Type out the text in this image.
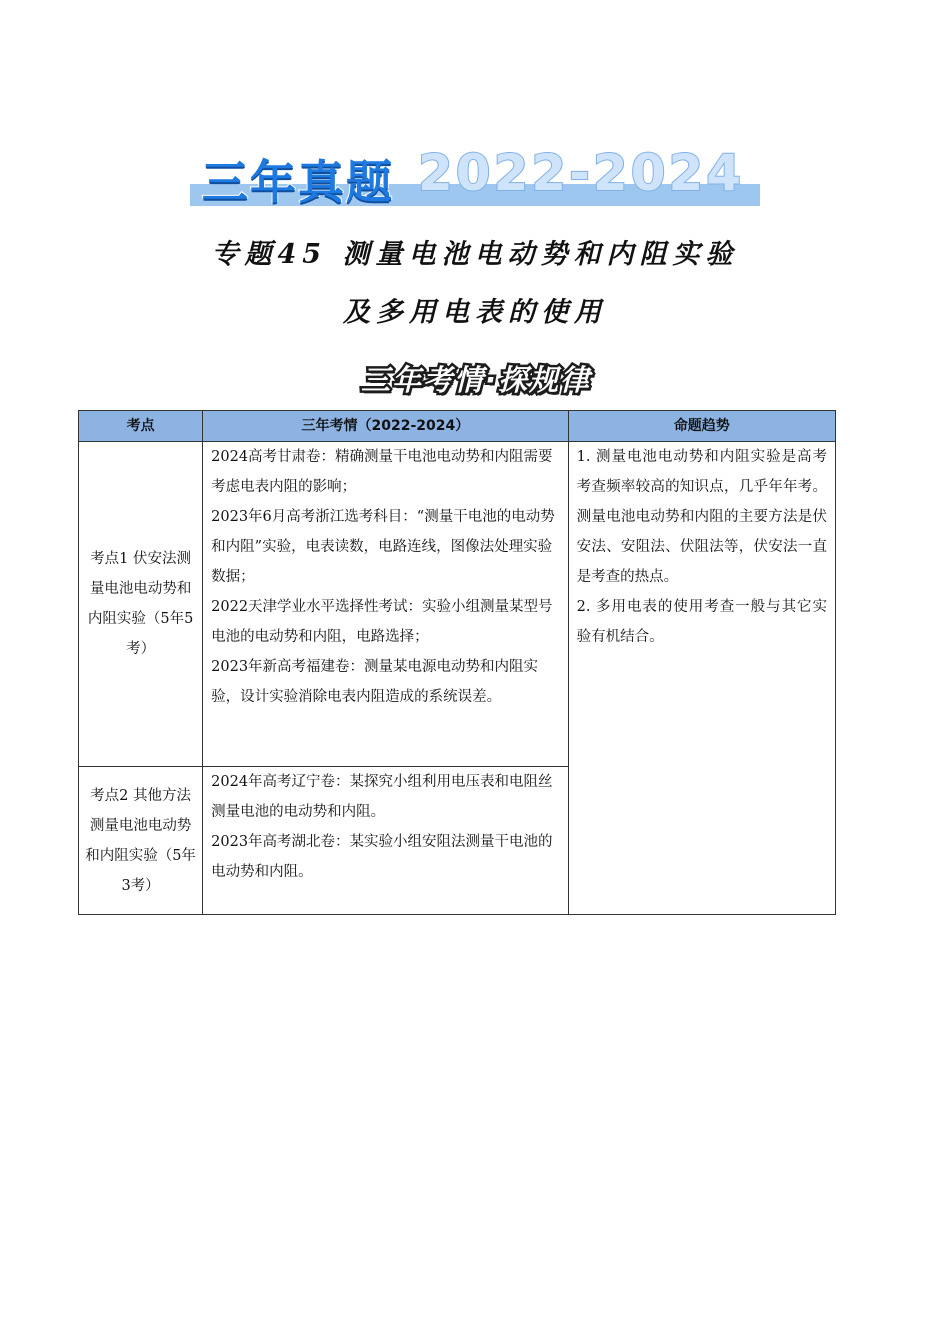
三年真题 2022-2024
专题45 测量电池电动势和内阻实验
及多用电表的使用
三年考情·探规律
考点	三年考情（2022-2024）	命题趋势
考点1 伏安法测量电池电动势和内阻实验（5年5考）	2024高考甘肃卷：精确测量干电池电动势和内阻需要考虑电表内阻的影响；
2023年6月高考浙江选考科目：“测量干电池的电动势和内阻”实验，电表读数，电路连线，图像法处理实验数据；
2022天津学业水平选择性考试：实验小组测量某型号电池的电动势和内阻，电路选择；
2023年新高考福建卷：测量某电源电动势和内阻实验，设计实验消除电表内阻造成的系统误差。	1. 测量电池电动势和内阻实验是高考考查频率较高的知识点，几乎年年考。测量电池电动势和内阻的主要方法是伏安法、安阻法、伏阻法等，伏安法一直是考查的热点。
2. 多用电表的使用考查一般与其它实验有机结合。

考点2 其他方法测量电池电动势和内阻实验（5年3考）	2024年高考辽宁卷：某探究小组利用电压表和电阻丝测量电池的电动势和内阻。
2023年高考湖北卷：某实验小组安阻法测量干电池的电动势和内阻。	
